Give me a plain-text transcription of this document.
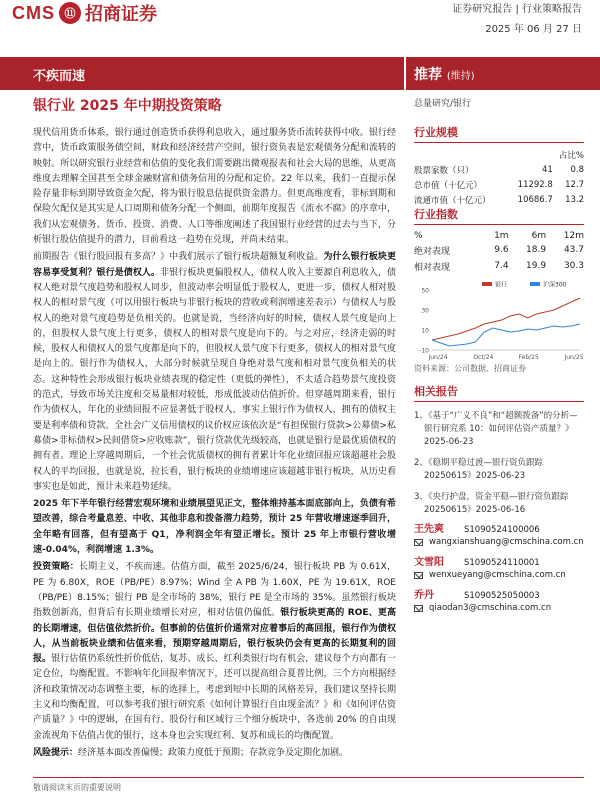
CMS ⑪ 招商证券	证券研究报告 | 行业策略报告
2025 年 06 月 27 日
不疾而速	推荐 (维持)
银行业 2025 年中期投资策略	总量研究/银行

现代信用货币体系，银行通过创造货币获得利息收入，通过服务货币流转获得中收。银行经营中，货币政策服务债空间，财政和经济经营产空间，银行资负表是宏观债务分配和流转的映射。所以研究银行业经营和估值的变化我们需要跳出微观报表和社会大局的思维，从更高维度去理解全国甚至全球金融财富和债务信用的分配和定价。22 年以来，我们一直提示保险存量非标到期导致资金欠配，将为银行股息估提供资金潜力。但更高维度看，非标到期和保险欠配仅是其实是人口周期和债务分配一个侧面，前期年度报告《流水不腐》的序章中，我们从宏观债务、货币、投资、消费、人口等维度阐述了我国银行业经营的过去与当下，分析银行股估值提升的潜力，目前看这一趋势在兑现，并尚未结束。

前期报告《银行股回报有多高？》中我们展示了银行板块超额复利收益。为什么银行板块更容易享受复利？银行是债权人。非银行板块更偏股权人，债权人收入主要源自利息收入，债权人绝对景气度趋势和股权人同步，但波动率会明显低于股权人，更进一步，债权人相对股权人的相对景气度（可以用银行板块与非银行板块的营收或利润增速差表示）与债权人与股权人的绝对景气度趋势是负相关的。也就是说，当经济向好的时候，债权人景气度是向上的，但股权人景气度上行更多，债权人的相对景气度是向下的。与之对应，经济走弱的时候，股权人和债权人的景气度都是向下的，但股权人景气度下行更多，债权人的相对景气度是向上的。银行作为债权人，大部分时候就呈现自身绝对景气度和相对景气度负相关的状态。这种特性会形成银行板块业绩表现的稳定性（更低的弹性），不太适合趋势景气度投资的范式，导致市场关注度和交易量相对较低，形成低波动估值折价。但穿越周期来看，银行作为债权人，年化的业绩回报不应显著低于股权人，事实上银行作为债权人，拥有的债权主要是利率债和贷款。全社会广义信用债权的议价权应该依次是“有担保银行贷款>公募债>私募债>非标债权>民间借贷>应收账款”，银行贷款优先级较高，也就是银行是最优质债权的拥有者。理论上穿越周期后，一个社会优质债权的拥有者累计年化业绩回报应该超越社会股权人的平均回报，也就是说，拉长看，银行板块的业绩增速应该超越非银行板块，从历史看事实也是如此，预计未来趋势延续。

2025 年下半年银行经营宏观环境和业绩展望见正文，整体维持基本面底部向上，负债有希望改善，综合考量息差、中收、其他非息和拨备潜力趋势，预计 25 年营收增速逐季回升，全年略有回落，但有望高于 Q1，净利润全年有望正增长。预计 25 年上市银行营收增速-0.04%，利润增速 1.3%。

投资策略：长期主义，不疾而速。估值方面，截至 2025/6/24，银行板块 PB 为 0.61X，PE 为 6.80X，ROE（PB/PE）8.97%；Wind 全 A PB 为 1.60X，PE 为 19.61X，ROE（PB/PE）8.15%；银行 PB 是全市场的 38%，银行 PE 是全市场的 35%。虽然银行板块指数创新高，但背后有长期业绩增长对应，相对估值仍偏低。银行板块更高的 ROE、更高的长期增速，但估值依然折价。但事前的估值折价通常对应着事后的高回报，银行作为债权人，从当前板块业绩和估值来看，预期穿越周期后，银行板块仍会有更高的长期复利的回报。银行估值仍系统性折价低估，复苏、成长、红利类银行均有机会，建议每个方向都有一定仓位，均衡配置。不影响年化回报率情况下，还可以提高组合夏普比例，三个方向根据经济和政策情况动态调整主要，标的选择上，考虑到短中长期的风格差异，我们建议坚持长期主义和均衡配置，可以参考我们银行研究系《如何计算银行自由现金流？》和《如何评估资产质量？》中的逻辑，在国有行、股份行和区域行三个细分板块中，各选前 20% 的自由现金流视角下估值占优的银行，这本身也会实现红利、复苏和成长的均衡配置。

风险提示：经济基本面改善偏慢；政策力度低于预期；存款竞争及定期化加剧。

行业规模
		占比%
股票家数（只）	41	0.8
总市值（十亿元）	11292.8	12.7
流通市值（十亿元）	10686.7	13.2
行业指数
%	1m	6m	12m
绝对表现	9.6	18.9	43.7
相对表现	7.4	19.9	30.3
-10
10
30
50
Jun/24	Oct/24	Feb/25	Jun/25
银行	沪深300
资料来源：公司数据、招商证券
相关报告
1、
《基于“广义不良”和“超额拨备”的分析—银行研究系 10：如何评估资产质量？》2025-06-23
2、
《稳期平稳过渡—银行资负跟踪20250615》2025-06-23
3、
《央行护盘，资金平稳—银行资负跟踪 20250615》2025-06-16
王先爽 S1090524100006
wangxianshuang@cmschina.com.cn
文雪阳 S1090524110001
wenxueyang@cmschina.com.cn
乔丹	S1090525050003
qiaodan3@cmschina.com.cn
敬请阅读末页的重要说明
